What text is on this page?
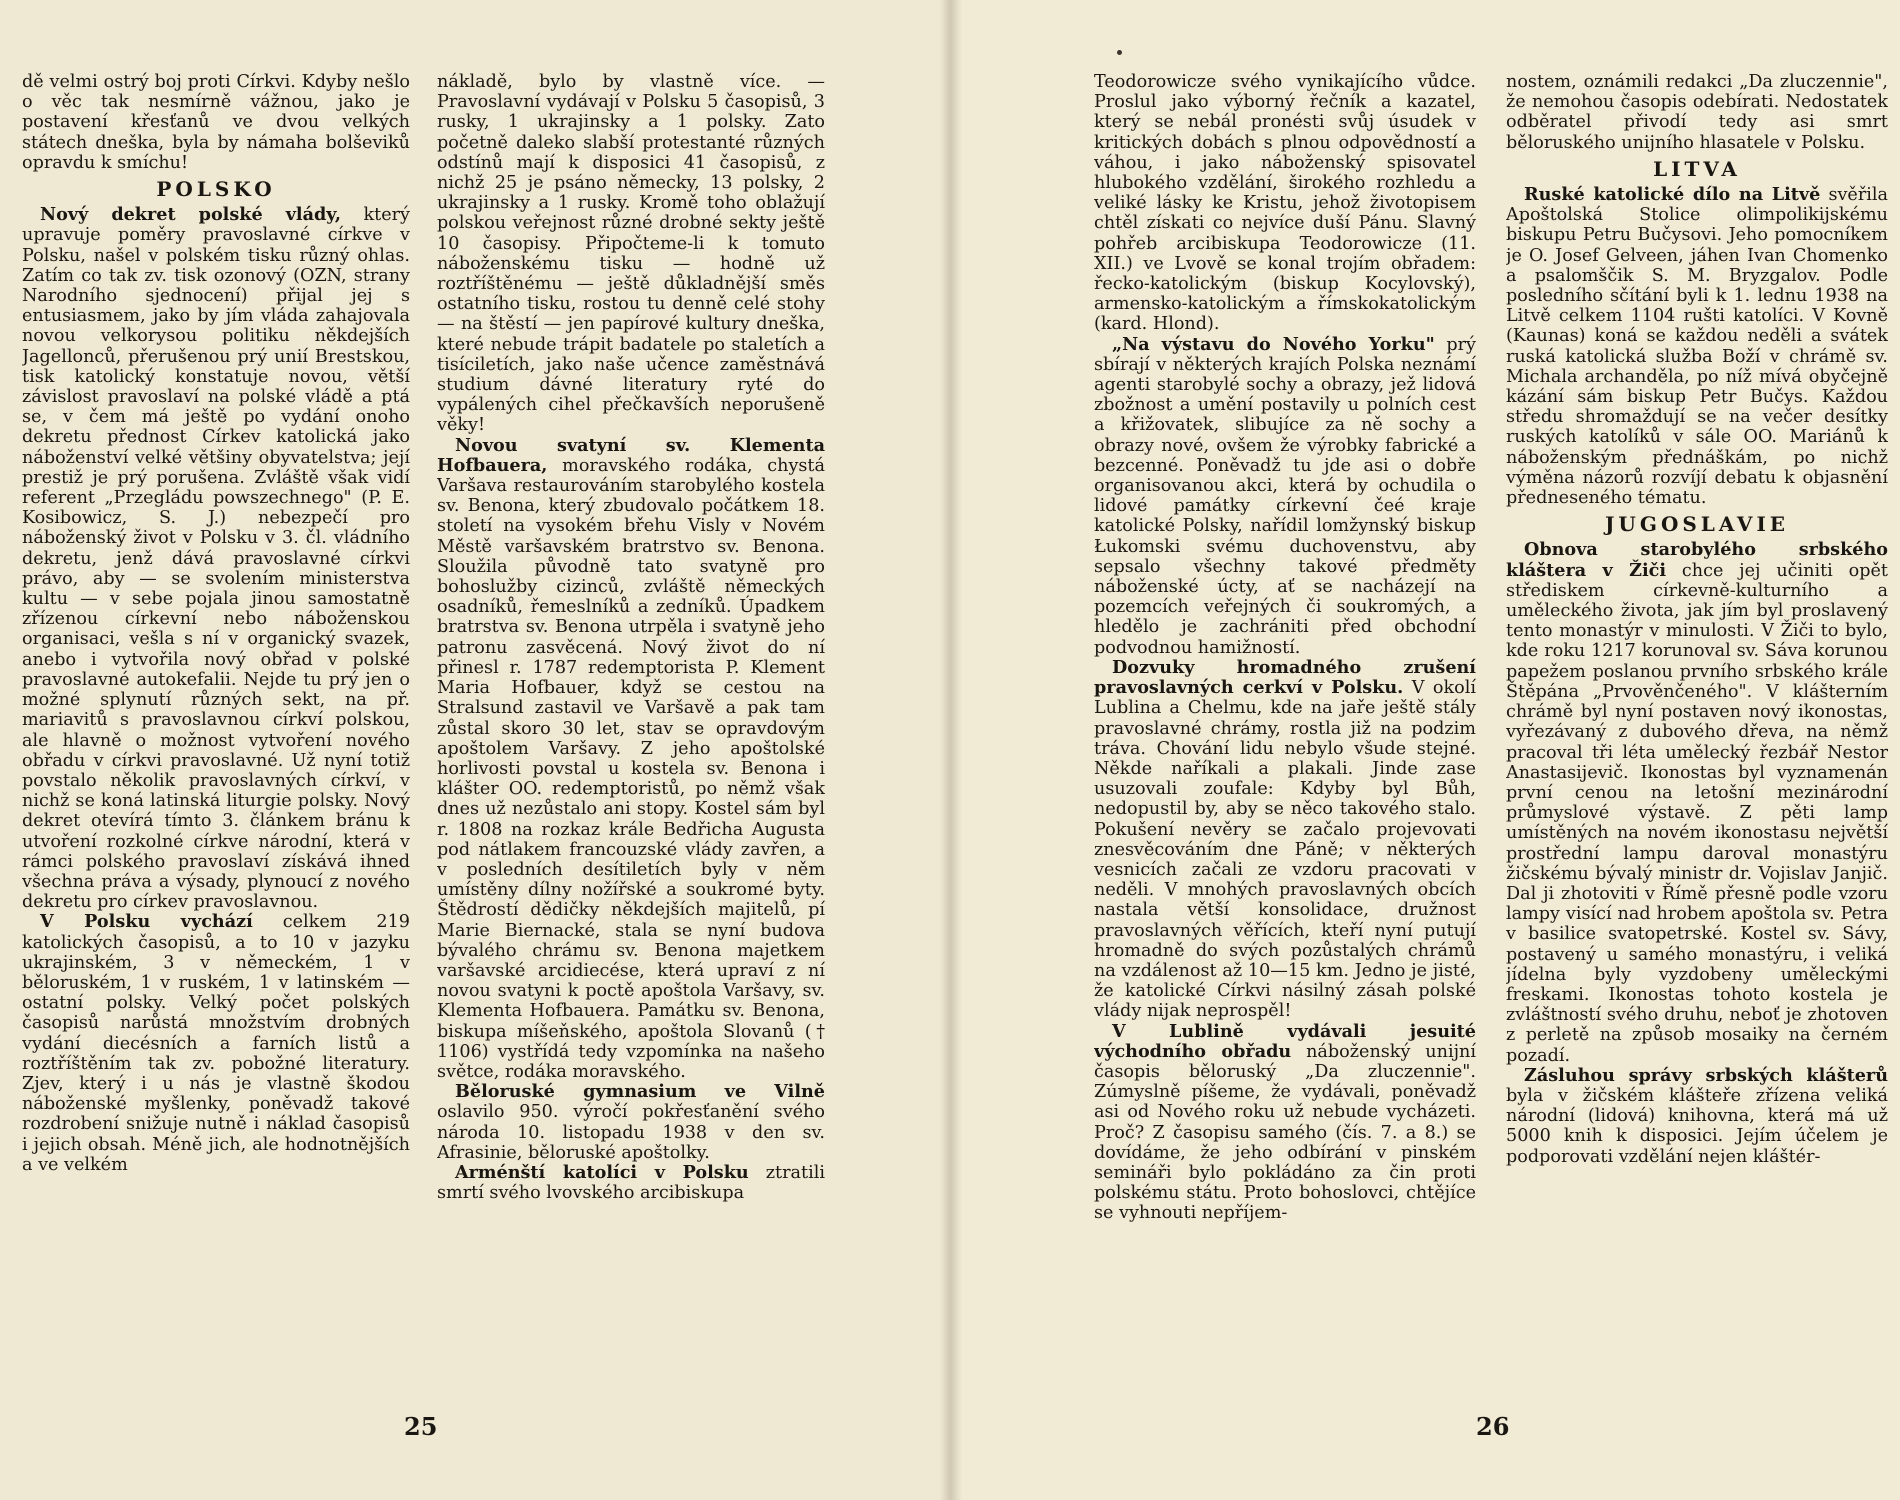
dě velmi ostrý boj proti Církvi. Kdyby nešlo o věc tak nesmírně vážnou, jako je postavení křesťanů ve dvou velkých státech dneška, byla by námaha bolševiků opravdu k smíchu!

POLSKO

Nový dekret polské vlády, který upravuje poměry pravoslavné církve v Polsku, našel v polském tisku různý ohlas. Zatím co tak zv. tisk ozonový (OZN, strany Narodního sjednocení) přijal jej s entusiasmem, jako by jím vláda zahajovala novou velkorysou politiku někdejších Jagellonců, přerušenou prý unií Brestskou, tisk katolický konstatuje novou, větší závislost pravoslaví na polské vládě a ptá se, v čem má ještě po vydání onoho dekretu přednost Církev katolická jako náboženství velké většiny obyvatelstva; její prestiž je prý porušena. Zvláště však vidí referent „Przegládu powszechnego" (P. E. Kosibowicz, S. J.) nebezpečí pro náboženský život v Polsku v 3. čl. vládního dekretu, jenž dává pravoslavné církvi právo, aby — se svolením ministerstva kultu — v sebe pojala jinou samostatně zřízenou církevní nebo náboženskou organisaci, vešla s ní v organický svazek, anebo i vytvořila nový obřad v polské pravoslavné autokefalii. Nejde tu prý jen o možné splynutí různých sekt, na př. mariavitů s pravoslavnou církví polskou, ale hlavně o možnost vytvoření nového obřadu v církvi pravoslavné. Už nyní totiž povstalo několik pravoslavných církví, v nichž se koná latinská liturgie polsky. Nový dekret otevírá tímto 3. článkem bránu k utvoření rozkolné církve národní, která v rámci polského pravoslaví získává ihned všechna práva a výsady, plynoucí z nového dekretu pro církev pravoslavnou.

V Polsku vychází celkem 219 katolických časopisů, a to 10 v jazyku ukrajinském, 3 v německém, 1 v běloruském, 1 v ruském, 1 v latinském — ostatní polsky. Velký počet polských časopisů narůstá množstvím drobných vydání diecésních a farních listů a roztříštěním tak zv. pobožné literatury. Zjev, který i u nás je vlastně škodou náboženské myšlenky, poněvadž takové rozdrobení snižuje nutně i náklad časopisů i jejich obsah. Méně jich, ale hodnotnějších a ve velkém

nákladě, bylo by vlastně více. — Pravoslavní vydávají v Polsku 5 časopisů, 3 rusky, 1 ukrajinsky a 1 polsky. Zato početně daleko slabší protestanté různých odstínů mají k disposici 41 časopisů, z nichž 25 je psáno německy, 13 polsky, 2 ukrajinsky a 1 rusky. Kromě toho oblažují polskou veřejnost různé drobné sekty ještě 10 časopisy. Připočteme-li k tomuto náboženskému tisku — hodně už roztříštěnému — ještě důkladnější směs ostatního tisku, rostou tu denně celé stohy — na štěstí — jen papírové kultury dneška, které nebude trápit badatele po staletích a tisíciletích, jako naše učence zaměstnává studium dávné literatury ryté do vypálených cihel přečkavších neporušeně věky!

Novou svatyní sv. Klementa Hofbauera, moravského rodáka, chystá Varšava restaurováním starobylého kostela sv. Benona, který zbudovalo počátkem 18. století na vysokém břehu Visly v Novém Městě varšavském bratrstvo sv. Benona. Sloužila původně tato svatyně pro bohoslužby cizinců, zvláště německých osadníků, řemeslníků a zedníků. Úpadkem bratrstva sv. Benona utrpěla i svatyně jeho patronu zasvěcená. Nový život do ní přinesl r. 1787 redemptorista P. Klement Maria Hofbauer, když se cestou na Stralsund zastavil ve Varšavě a pak tam zůstal skoro 30 let, stav se opravdovým apoštolem Varšavy. Z jeho apoštolské horlivosti povstal u kostela sv. Benona i klášter OO. redemptoristů, po němž však dnes už nezůstalo ani stopy. Kostel sám byl r. 1808 na rozkaz krále Bedřicha Augusta pod nátlakem francouzské vlády zavřen, a v posledních desítiletích byly v něm umístěny dílny nožířské a soukromé byty. Štědrostí dědičky někdejších majitelů, pí Marie Biernacké, stala se nyní budova bývalého chrámu sv. Benona majetkem varšavské arcidiecése, která upraví z ní novou svatyni k poctě apoštola Varšavy, sv. Klementa Hofbauera. Památku sv. Benona, biskupa míšeňského, apoštola Slovanů († 1106) vystřídá tedy vzpomínka na našeho světce, rodáka moravského.

Běloruské gymnasium ve Vilně oslavilo 950. výročí pokřesťanění svého národa 10. listopadu 1938 v den sv. Afrasinie, běloruské apoštolky.

Arménští katolíci v Polsku ztratili smrtí svého lvovského arcibiskupa

25

Teodorowicze svého vynikajícího vůdce. Proslul jako výborný řečník a kazatel, který se nebál pronésti svůj úsudek v kritických dobách s plnou odpovědností a váhou, i jako náboženský spisovatel hlubokého vzdělání, širokého rozhledu a veliké lásky ke Kristu, jehož životopisem chtěl získati co nejvíce duší Pánu. Slavný pohřeb arcibiskupa Teodorowicze (11. XII.) ve Lvově se konal trojím obřadem: řecko-katolickým (biskup Kocylovský), armensko-katolickým a římskokatolickým (kard. Hlond).

„Na výstavu do Nového Yorku" prý sbírají v některých krajích Polska neznámí agenti starobylé sochy a obrazy, jež lidová zbožnost a umění postavily u polních cest a křižovatek, slibujíce za ně sochy a obrazy nové, ovšem že výrobky fabrické a bezcenné. Poněvadž tu jde asi o dobře organisovanou akci, která by ochudila o lidové památky církevní čeé kraje katolické Polsky, nařídil lomžynský biskup Łukomski svému duchovenstvu, aby sepsalo všechny takové předměty náboženské úcty, ať se nacházejí na pozemcích veřejných či soukromých, a hledělo je zachrániti před obchodní podvodnou hamižností.

Dozvuky hromadného zrušení pravoslavných cerkví v Polsku. V okolí Lublina a Chelmu, kde na jaře ještě stály pravoslavné chrámy, rostla již na podzim tráva. Chování lidu nebylo všude stejné. Někde naříkali a plakali. Jinde zase usuzovali zoufale: Kdyby byl Bůh, nedopustil by, aby se něco takového stalo. Pokušení nevěry se začalo projevovati znesvěcováním dne Páně; v některých vesnicích začali ze vzdoru pracovati v neděli. V mnohých pravoslavných obcích nastala větší konsolidace, družnost pravoslavných věřících, kteří nyní putují hromadně do svých pozůstalých chrámů na vzdálenost až 10—15 km. Jedno je jisté, že katolické Církvi násilný zásah polské vlády nijak neprospěl!

V Lublině vydávali jesuité východního obřadu náboženský unijní časopis běloruský „Da zluczennie". Zúmyslně píšeme, že vydávali, poněvadž asi od Nového roku už nebude vycházeti. Proč? Z časopisu samého (čís. 7. a 8.) se dovídáme, že jeho odbírání v pinském semináři bylo pokládáno za čin proti polskému státu. Proto bohoslovci, chtějíce se vyhnouti nepříjem-

nostem, oznámili redakci „Da zluczennie", že nemohou časopis odebírati. Nedostatek odběratel přivodí tedy asi smrt běloruského unijního hlasatele v Polsku.

LITVA

Ruské katolické dílo na Litvě svěřila Apoštolská Stolice olimpolikijskému biskupu Petru Bučysovi. Jeho pomocníkem je O. Josef Gelveen, jáhen Ivan Chomenko a psalomščik S. M. Bryzgalov. Podle posledního sčítání byli k 1. lednu 1938 na Litvě celkem 1104 rušti katolíci. V Kovně (Kaunas) koná se každou neděli a svátek ruská katolická služba Boží v chrámě sv. Michala archanděla, po níž mívá obyčejně kázání sám biskup Petr Bučys. Každou středu shromaždují se na večer desítky ruských katolíků v sále OO. Mariánů k náboženským přednáškám, po nichž výměna názorů rozvíjí debatu k objasnění předneseného tématu.

JUGOSLAVIE

Obnova starobylého srbského kláštera v Žiči chce jej učiniti opět střediskem církevně-kulturního a uměleckého života, jak jím byl proslavený tento monastýr v minulosti. V Žiči to bylo, kde roku 1217 korunoval sv. Sáva korunou papežem poslanou prvního srbského krále Štěpána „Prvověnčeného". V klášterním chrámě byl nyní postaven nový ikonostas, vyřezávaný z dubového dřeva, na němž pracoval tři léta umělecký řezbář Nestor Anastasijevič. Ikonostas byl vyznamenán první cenou na letošní mezinárodní průmyslové výstavě. Z pěti lamp umístěných na novém ikonostasu největší prostřední lampu daroval monastýru žičskému bývalý ministr dr. Vojislav Janjič. Dal ji zhotoviti v Římě přesně podle vzoru lampy visící nad hrobem apoštola sv. Petra v basilice svatopetrské. Kostel sv. Sávy, postavený u samého monastýru, i veliká jídelna byly vyzdobeny uměleckými freskami. Ikonostas tohoto kostela je zvláštností svého druhu, neboť je zhotoven z perletě na způsob mosaiky na černém pozadí.

Zásluhou správy srbských klášterů byla v žičském klášteře zřízena veliká národní (lidová) knihovna, která má už 5000 knih k disposici. Jejím účelem je podporovati vzdělání nejen kláštér-

26
